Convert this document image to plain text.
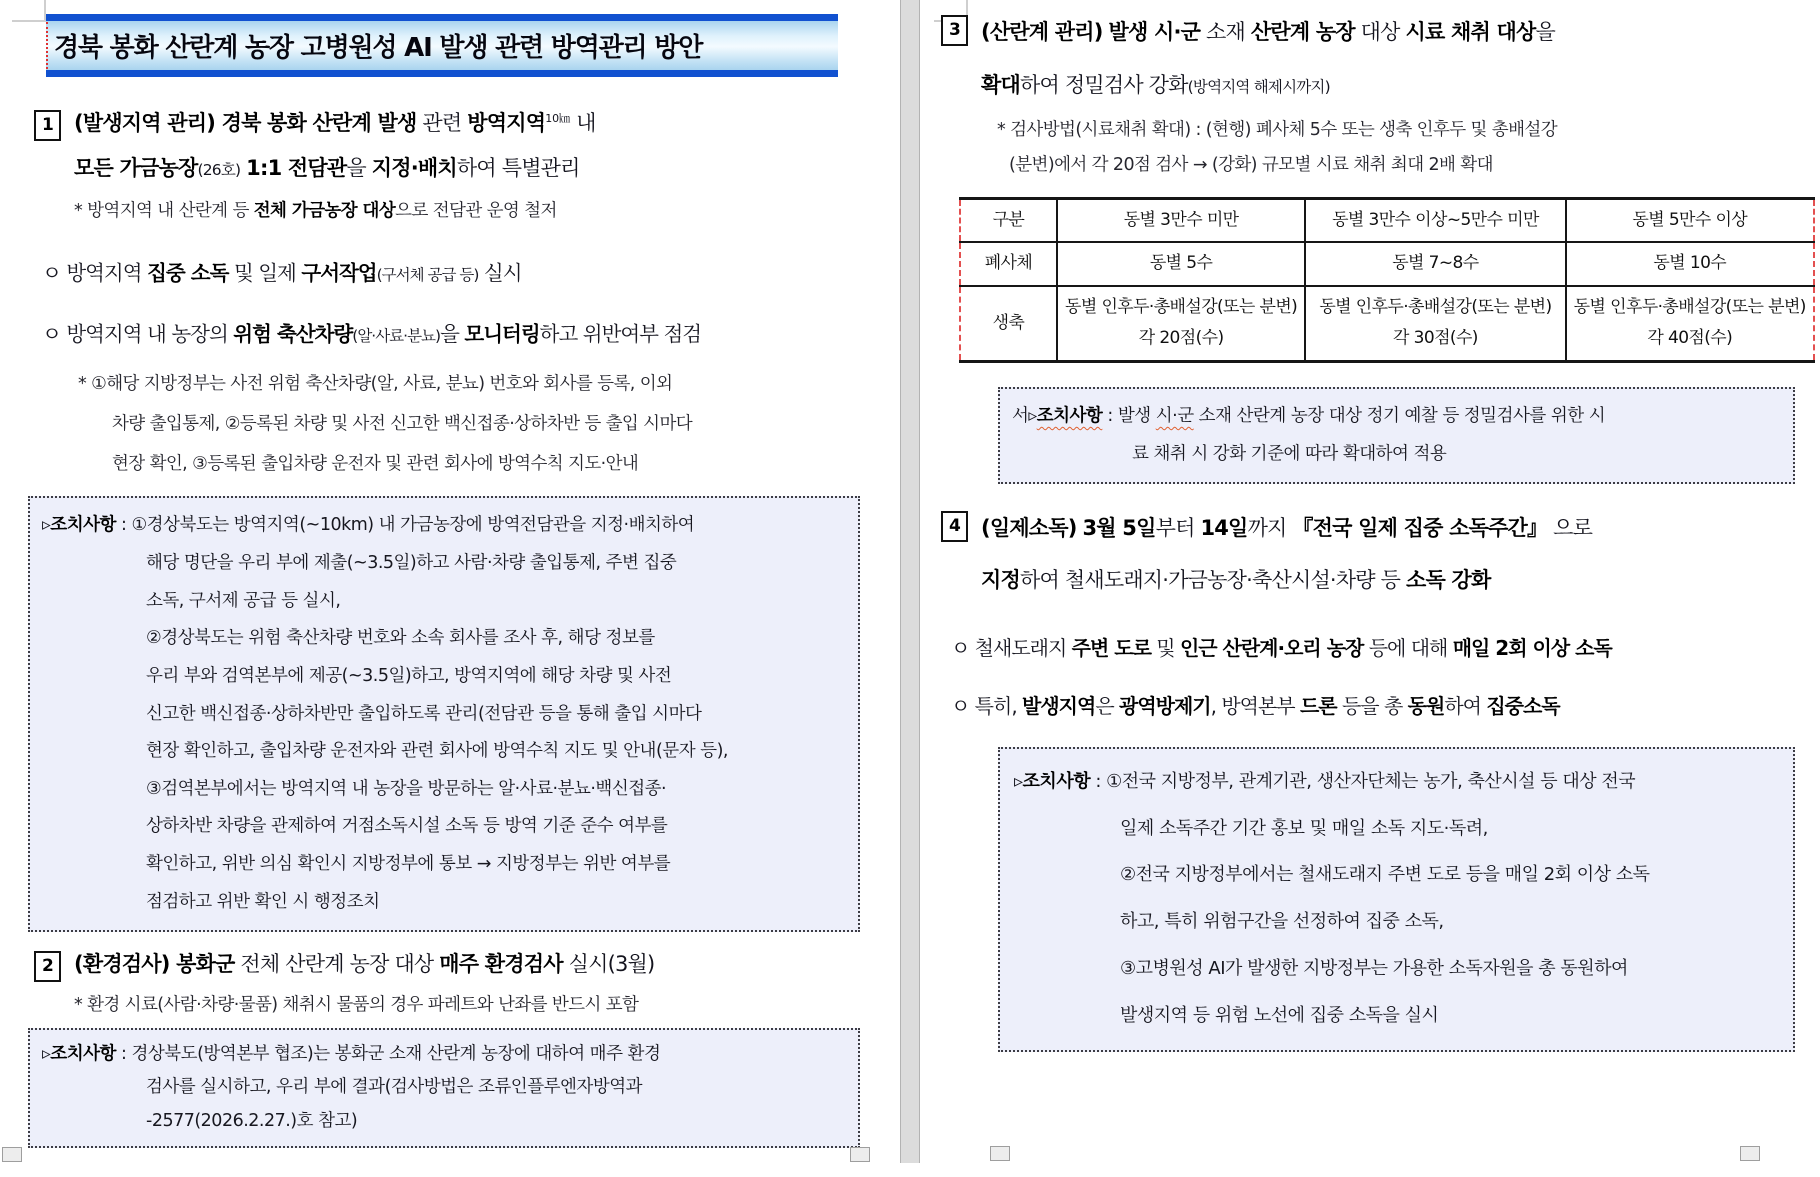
경북 봉화 산란계 농장 고병원성 AI 발생 관련 방역관리 방안
1	(발생지역 관리) 경북 봉화 산란계 발생 관련 방역지역$^{10㎞}$ 내
모든 가금농장(26호) 1:1 전담관을 지정·배치하여 특별관리
* 방역지역 내 산란계 등 전체 가금농장 대상으로 전담관 운영 철저
ㅇ 방역지역 집중 소독 및 일제 구서작업(구서체 공급 등) 실시
ㅇ 방역지역 내 농장의 위험 축산차량(알·사료·분뇨)을 모니터링하고 위반여부 점검
* ①해당 지방정부는 사전 위험 축산차량(알, 사료, 분뇨) 번호와 회사를 등록, 이외
차량 출입통제, ②등록된 차량 및 사전 신고한 백신접종·상하차반 등 출입 시마다
현장 확인, ③등록된 출입차량 운전자 및 관련 회사에 방역수칙 지도·안내
▹조치사항 : ①경상북도는 방역지역(~10km) 내 가금농장에 방역전담관을 지정·배치하여
해당 명단을 우리 부에 제출(~3.5일)하고 사람·차량 출입통제, 주변 집중
소독, 구서제 공급 등 실시,
②경상북도는 위험 축산차량 번호와 소속 회사를 조사 후, 해당 정보를
우리 부와 검역본부에 제공(~3.5일)하고, 방역지역에 해당 차량 및 사전
신고한 백신접종·상하차반만 출입하도록 관리(전담관 등을 통해 출입 시마다
현장 확인하고, 출입차량 운전자와 관련 회사에 방역수칙 지도 및 안내(문자 등),
③검역본부에서는 방역지역 내 농장을 방문하는 알·사료·분뇨·백신접종·
상하차반 차량을 관제하여 거점소독시설 소독 등 방역 기준 준수 여부를
확인하고, 위반 의심 확인시 지방정부에 통보 → 지방정부는 위반 여부를
점검하고 위반 확인 시 행정조치
2	(환경검사) 봉화군 전체 산란계 농장 대상 매주 환경검사 실시(3월)
* 환경 시료(사람·차량·물품) 채취시 물품의 경우 파레트와 난좌를 반드시 포함
▹조치사항 : 경상북도(방역본부 협조)는 봉화군 소재 산란계 농장에 대하여 매주 환경
검사를 실시하고, 우리 부에 결과(검사방법은 조류인플루엔자방역과
-2577(2026.2.27.)호 참고)
3	(산란계 관리) 발생 시·군 소재 산란계 농장 대상 시료 채취 대상을
확대하여 정밀검사 강화(방역지역 해제시까지)
* 검사방법(시료채취 확대) : (현행) 폐사체 5수 또는 생축 인후두 및 총배설강
(분변)에서 각 20점 검사 → (강화) 규모별 시료 채취 최대 2배 확대
구분	동별 3만수 미만	동별 3만수 이상~5만수 미만	동별 5만수 이상
폐사체	동별 5수	동별 7~8수	동별 10수
생축	동별 인후두·총배설강(또는 분변) 각 20점(수)	동별 인후두·총배설강(또는 분변) 각 30점(수)	동별 인후두·총배설강(또는 분변) 각 40점(수)
서▹조치사항 : 발생 시·군 소재 산란계 농장 대상 정기 예찰 등 정밀검사를 위한 시
료 채취 시 강화 기준에 따라 확대하여 적용
4	(일제소독) 3월 5일부터 14일까지 『전국 일제 집중 소독주간』 으로
지정하여 철새도래지·가금농장·축산시설·차량 등 소독 강화
ㅇ 철새도래지 주변 도로 및 인근 산란계·오리 농장 등에 대해 매일 2회 이상 소독
ㅇ 특히, 발생지역은 광역방제기, 방역본부 드론 등을 총 동원하여 집중소독
▹조치사항 : ①전국 지방정부, 관계기관, 생산자단체는 농가, 축산시설 등 대상 전국
일제 소독주간 기간 홍보 및 매일 소독 지도·독려,
②전국 지방정부에서는 철새도래지 주변 도로 등을 매일 2회 이상 소독
하고, 특히 위험구간을 선정하여 집중 소독,
③고병원성 AI가 발생한 지방정부는 가용한 소독자원을 총 동원하여
발생지역 등 위험 노선에 집중 소독을 실시
